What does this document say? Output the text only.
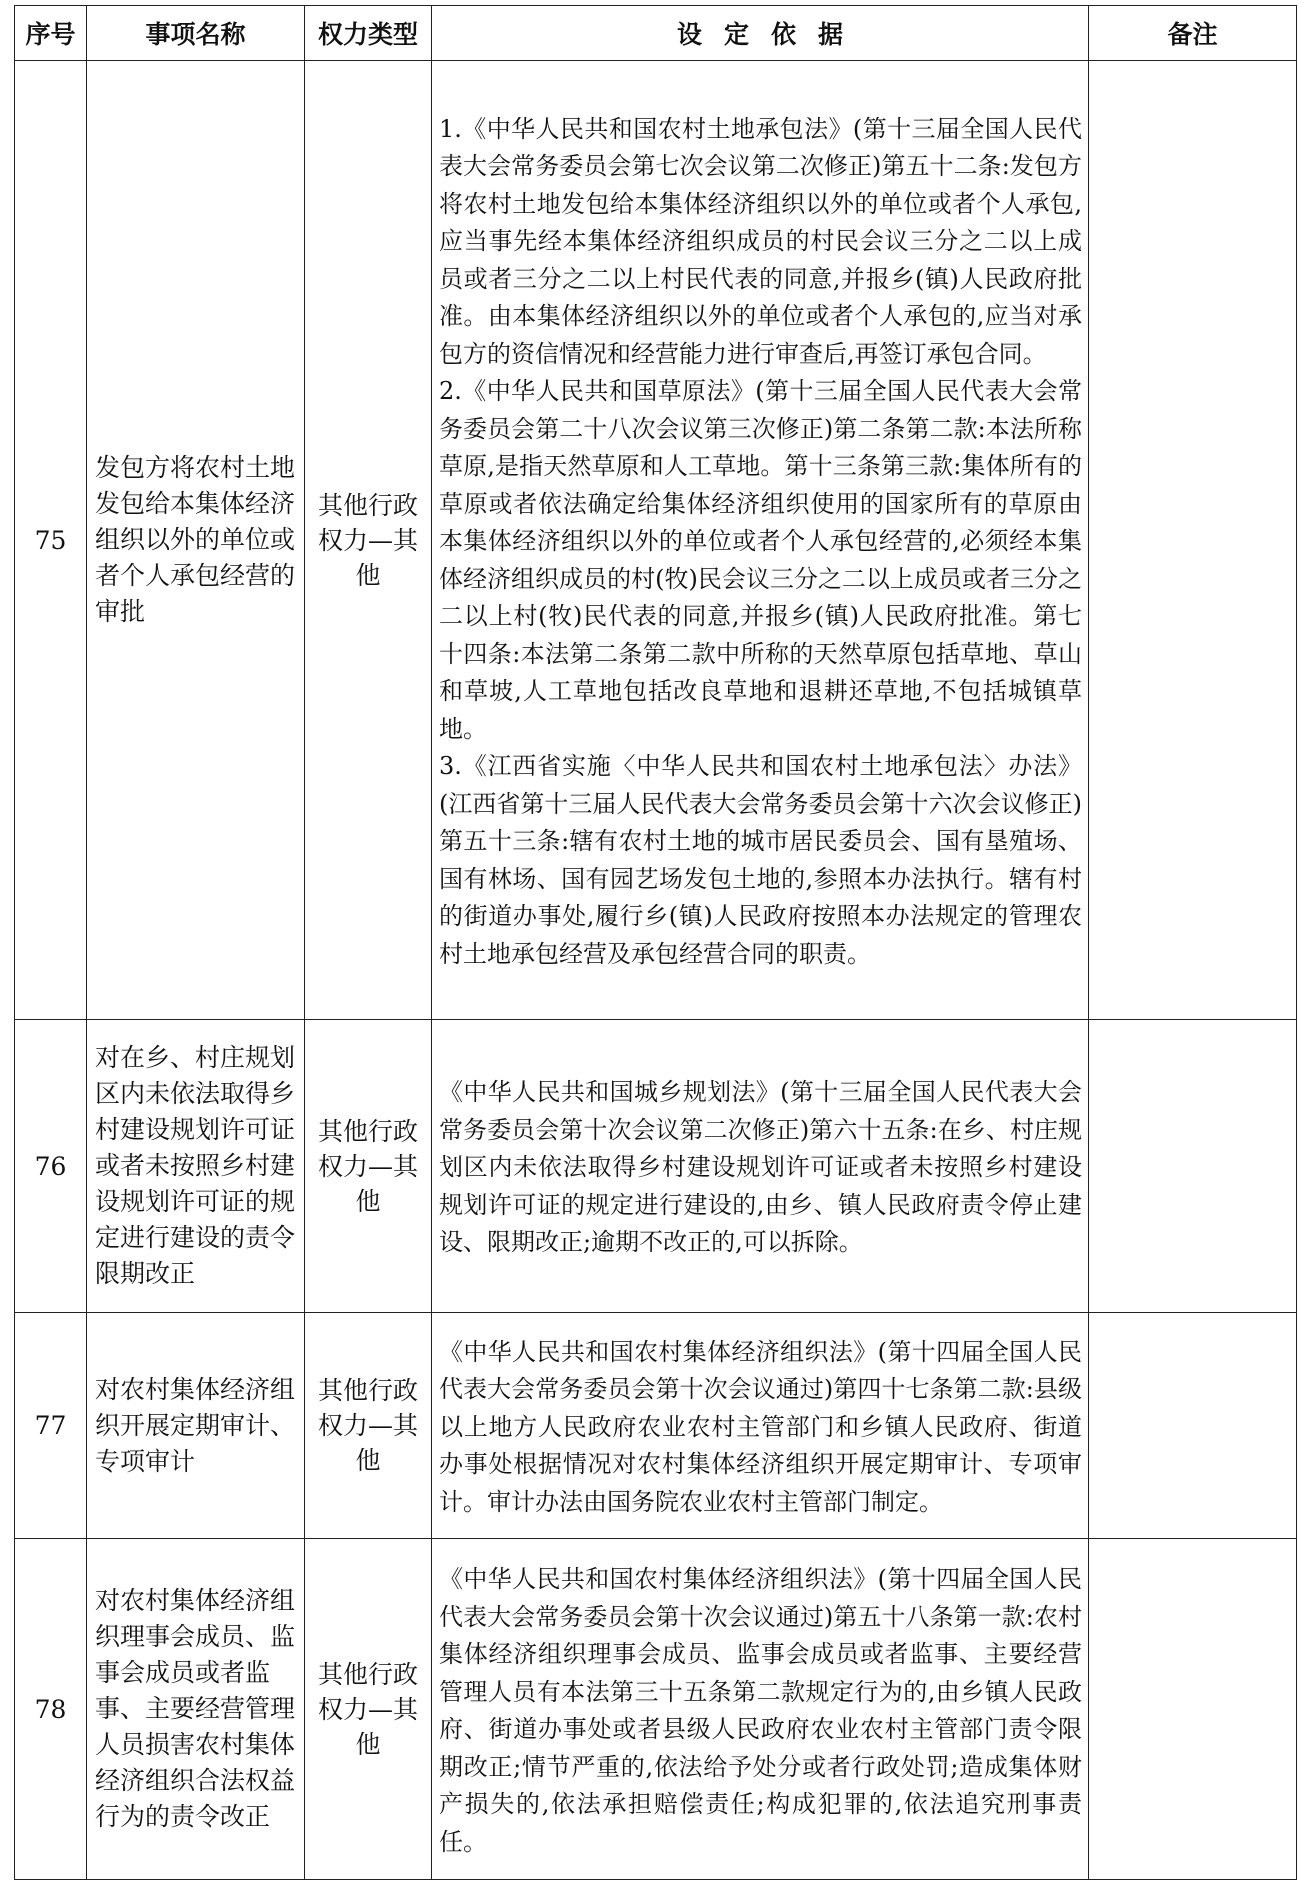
序号	事项名称	权力类型	设定依据	备注
75	发包方将农村土地发包给本集体经济组织以外的单位或者个人承包经营的审批	其他行政权力—其他	1.《中华人民共和国农村土地承包法》(第十三届全国人民代表大会常务委员会第七次会议第二次修正)第五十二条:发包方将农村土地发包给本集体经济组织以外的单位或者个人承包,应当事先经本集体经济组织成员的村民会议三分之二以上成员或者三分之二以上村民代表的同意,并报乡(镇)人民政府批准。由本集体经济组织以外的单位或者个人承包的,应当对承包方的资信情况和经营能力进行审查后,再签订承包合同。

2.《中华人民共和国草原法》(第十三届全国人民代表大会常务委员会第二十八次会议第三次修正)第二条第二款:本法所称草原,是指天然草原和人工草地。第十三条第三款:集体所有的草原或者依法确定给集体经济组织使用的国家所有的草原由本集体经济组织以外的单位或者个人承包经营的,必须经本集体经济组织成员的村(牧)民会议三分之二以上成员或者三分之二以上村(牧)民代表的同意,并报乡(镇)人民政府批准。第七十四条:本法第二条第二款中所称的天然草原包括草地、草山和草坡,人工草地包括改良草地和退耕还草地,不包括城镇草地。

3.《江西省实施〈中华人民共和国农村土地承包法〉办法》(江西省第十三届人民代表大会常务委员会第十六次会议修正)第五十三条:辖有农村土地的城市居民委员会、国有垦殖场、国有林场、国有园艺场发包土地的,参照本办法执行。辖有村的街道办事处,履行乡(镇)人民政府按照本办法规定的管理农村土地承包经营及承包经营合同的职责。	

76	对在乡、村庄规划区内未依法取得乡村建设规划许可证或者未按照乡村建设规划许可证的规定进行建设的责令限期改正	其他行政权力—其他	《中华人民共和国城乡规划法》(第十三届全国人民代表大会常务委员会第十次会议第二次修正)第六十五条:在乡、村庄规划区内未依法取得乡村建设规划许可证或者未按照乡村建设规划许可证的规定进行建设的,由乡、镇人民政府责令停止建设、限期改正;逾期不改正的,可以拆除。	

77	对农村集体经济组织开展定期审计、专项审计	其他行政权力—其他	《中华人民共和国农村集体经济组织法》(第十四届全国人民代表大会常务委员会第十次会议通过)第四十七条第二款:县级以上地方人民政府农业农村主管部门和乡镇人民政府、街道办事处根据情况对农村集体经济组织开展定期审计、专项审计。审计办法由国务院农业农村主管部门制定。	

78	对农村集体经济组织理事会成员、监事会成员或者监事、主要经营管理人员损害农村集体经济组织合法权益行为的责令改正	其他行政权力—其他	《中华人民共和国农村集体经济组织法》(第十四届全国人民代表大会常务委员会第十次会议通过)第五十八条第一款:农村集体经济组织理事会成员、监事会成员或者监事、主要经营管理人员有本法第三十五条第二款规定行为的,由乡镇人民政府、街道办事处或者县级人民政府农业农村主管部门责令限期改正;情节严重的,依法给予处分或者行政处罚;造成集体财产损失的,依法承担赔偿责任;构成犯罪的,依法追究刑事责任。	
